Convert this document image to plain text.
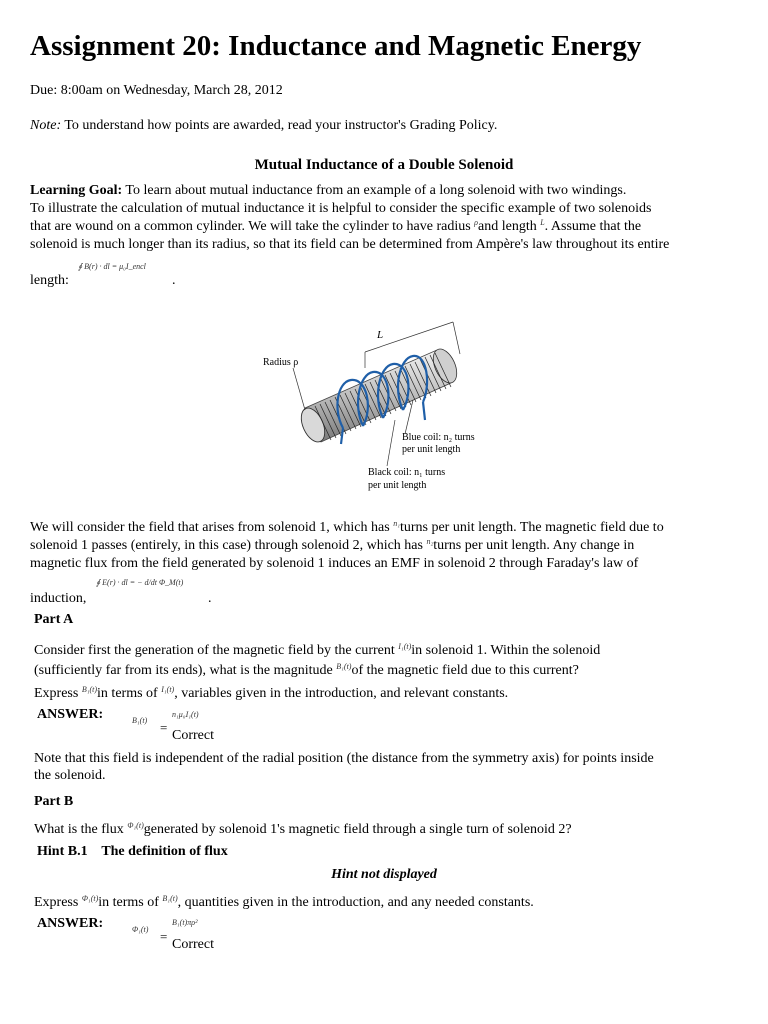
Assignment 20: Inductance and Magnetic Energy
Due: 8:00am on Wednesday, March 28, 2012
Note: To understand how points are awarded, read your instructor's Grading Policy.
Mutual Inductance of a Double Solenoid
Learning Goal: To learn about mutual inductance from an example of a long solenoid with two windings.
To illustrate the calculation of mutual inductance it is helpful to consider the specific example of two solenoids
that are wound on a common cylinder. We will take the cylinder to have radius $^\rho$and length $^L$. Assume that the
solenoid is much longer than its radius, so that its field can be determined from Ampère's law throughout its entire
∮ B(r) · dl = μ₀I_encl
length:	.
L
Radius ρ
Blue coil: n₂ turns
per unit length
Black coil: n₁ turns
per unit length
We will consider the field that arises from solenoid 1, which has $^{n_1}$turns per unit length. The magnetic field due to
solenoid 1 passes (entirely, in this case) through solenoid 2, which has $^{n_2}$turns per unit length. Any change in
magnetic flux from the field generated by solenoid 1 induces an EMF in solenoid 2 through Faraday's law of
∮ E(r) · dl = − d/dt Φ_M(t)
induction,	.
Part A
Consider first the generation of the magnetic field by the current $^{I_1(t)}$in solenoid 1. Within the solenoid
(sufficiently far from its ends), what is the magnitude $^{B_1(t)}$of the magnetic field due to this current?
Express $^{B_1(t)}$in terms of $^{I_1(t)}$, variables given in the introduction, and relevant constants.
ANSWER:	B₁(t) =
n₁μ₀I₁(t)
Correct
Note that this field is independent of the radial position (the distance from the symmetry axis) for points inside
the solenoid.
Part B
What is the flux $^{\Phi_1(t)}$generated by solenoid 1's magnetic field through a single turn of solenoid 2?
Hint B.1    The definition of flux
Hint not displayed
Express $^{\Phi_1(t)}$in terms of $^{B_1(t)}$, quantities given in the introduction, and any needed constants.
ANSWER:	Φ₁(t) =
B₁(t)πρ²
Correct
